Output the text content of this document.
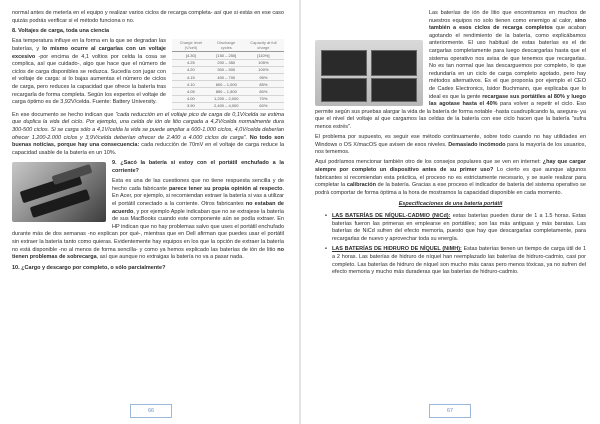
normal antes de meterla en el equipo y realizar varios ciclos de recarga completa- así que si estás en ese caso quizás podrás verificar si el método funciona o no.

8. Voltajes de carga, toda una ciencia

Charge level (V/cell)	Discharge cycles	Capacity at full charge
[4.30]	[150 – 250]	[110%]
4.25	200 – 350	105%
4.20	300 – 500	100%
4.15	400 – 700	95%
4.10	600 – 1,000	85%
4.05	850 – 1,500	80%
4.00	1,200 – 2,000	70%
3.90	2,400 – 4,000	60%

Esa temperatura influye en la forma en la que se degradan las baterías, y lo mismo ocurre al cargarlas con un voltaje excesivo -por encima de 4,1 voltios por celda la cosa se complica, así que cuidado-, algo que hace que el número de ciclos de carga disponibles se reduzca. Sucedía con jugar con el voltaje de carga: si lo bajas aumentas el número de ciclos de carga, pero reduces la capacidad que ofrece la batería tras recargarla de forma completa. Según los expertos el voltaje de carga óptimo es de 3,92V/celda. Fuente: Battery University.

En ese documento se hecho indican que "cada reducción en el voltaje pico de carga de 0,1V/celda se estima que duplica la vida del ciclo. Por ejemplo, una celda de ión de litio cargada a 4,2V/celda normalmente dura 300-500 ciclos. Si se carga sólo a 4,1V/celda la vida se puede ampliar a 600-1.000 ciclos, 4,0V/celda deberían ofrecer 1.200-2.000 ciclos y 3,9V/celda deberían ofrecer de 2.400 a 4.000 ciclos de carga". No todo son buenas noticias, porque hay una consecuencia: cada reducción de 70mV en el voltaje de carga reduce la capacidad usable de la batería en un 10%.

9. ¿Sacó la batería si estoy con el portátil enchufado a la corriente?

Esta es una de las cuestiones que no tiene respuesta sencilla y de hecho cada fabricante parece tener su propia opinión al respecto. En Acer, por ejemplo, si recomiendan extraer la batería si vas a utilizar el portátil conectado a la corriente. Otros fabricantes no estaban de acuerdo, y por ejemplo Apple indicaban que no se extrajese la batería de sus MacBooks cuando este componente aún se podía extraer. En HP indican que no hay problemas salvo que uses el portátil enchufado durante más de dos semanas -no explican por qué-, mientras que en Dell afirman que puedes usar el portátil sin extraer la batería tanto como quieras. Evidentemente hay equipos en los que la opción de extraer la batería no está disponible -no al menos de forma sencilla- y como ya hemos explicado las baterías de ión de litio no tienen problemas de sobrecarga, así que aunque no extraigas la batería no va a pasar nada.

10. ¿Cargo y descargo por completo, o sólo parcialmente?

66

Las baterías de ión de litio que encontramos en muchos de nuestros equipos no solo tienen como enemigo al calor, sino también a esos ciclos de recarga completos que acaban agotando el rendimiento de la batería, como explicábamos anteriormente. El uso habitual de estas baterías es el de cargarlas completamente para luego descargarlas hasta que el sistema operativo nos avisa de que tenemos que recargarlas. No es tan normal que las descarguemos por completo, lo que redundaría en un ciclo de carga completo agotado, pero hay métodos alternativos. Es el que proponía por ejemplo el CEO de Cadex Electronics, Isidor Buchmann, que explicaba que lo ideal es que la gente recargase sus portátiles al 80% y luego las agotase hasta el 40% para volver a repetir el ciclo. Eso permite según sus pruebas alargar la vida de la batería de forma notable -hasta cuadruplicando la, asegura- ya que el nivel del voltaje al que cargamos las celdas de la batería con ese ciclo hacen que la batería "sufra menos estrés".

El problema por supuesto, es seguir ese método continuamente, sobre todo cuando no hay utilidades en Windows o OS X/macOS que avisen de esos niveles. Demasiado incómodo para la mayoría de los usuarios, nos tememos.

Aquí podríamos mencionar también otro de los consejos populares que se ven en internet: ¿hay que cargar siempre por completo un dispositivo antes de su primer uso? Lo cierto es que aunque algunos fabricantes si recomiendan esta práctica, el proceso no es estrictamente necesario, y se suele realizar para completar la calibración de la batería. Gracias a ese proceso el indicador de batería del sistema operativo se podrá comportar de forma óptima a la hora de mostrarnos la capacidad disponible en cada momento.

Especificaciones de una batería portátil

• LAS BATERÍAS DE NÍQUEL-CADMIO (NiCd): estas baterías pueden durar de 1 a 1.5 horas. Estas baterías fueron las primeras en emplearse en portátiles; son las más antiguas y más baratas. Las baterías de NiCd sufren del efecto memoria, puesto que hay que descargarlas completamente, para recargarlas de nuevo y aprovechar toda su energía.
• LAS BATERÍAS DE HIDRURO DE NÍQUEL (NiMH): Estas baterías tienen un tiempo de carga útil de 1 a 2 horas. Las baterías de hidruro de níquel han reemplazado las baterías de hidruro-cadmio, casi por completo. Las baterías de hidruro de níquel son mucho más caras pero menos tóxicas, ya no sufren del efecto memoria y mucho más duraderas que las baterías de hidruro-cadmio.
67
